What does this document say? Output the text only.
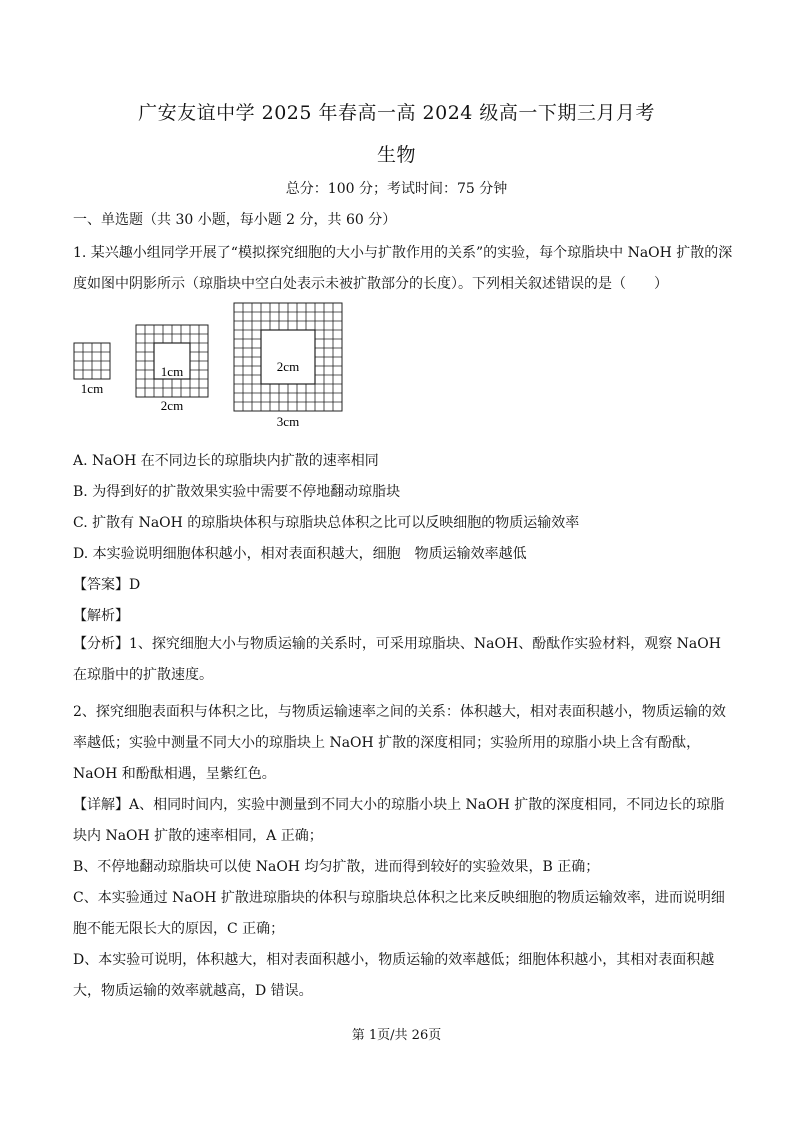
广安友谊中学 2025 年春高一高 2024 级高一下期三月月考
生物
总分：100 分；考试时间：75 分钟
一、单选题（共 30 小题，每小题 2 分，共 60 分）
1. 某兴趣小组同学开展了“模拟探究细胞的大小与扩散作用的关系”的实验，每个琼脂块中 NaOH 扩散的深
度如图中阴影所示（琼脂块中空白处表示未被扩散部分的长度）。下列相关叙述错误的是（　　）
1cm
1cm
2cm
2cm
3cm
A. NaOH 在不同边长的琼脂块内扩散的速率相同
B. 为得到好的扩散效果实验中需要不停地翻动琼脂块
C. 扩散有 NaOH 的琼脂块体积与琼脂块总体积之比可以反映细胞的物质运输效率
D. 本实验说明细胞体积越小，相对表面积越大，细胞　物质运输效率越低
【答案】D
【解析】
【分析】1、探究细胞大小与物质运输的关系时，可采用琼脂块、NaOH、酚酞作实验材料，观察 NaOH 在琼脂中的扩散速度。
2、探究细胞表面积与体积之比，与物质运输速率之间的关系：体积越大，相对表面积越小，物质运输的效率越低；实验中测量不同大小的琼脂块上 NaOH 扩散的深度相同；实验所用的琼脂小块上含有酚酞，NaOH 和酚酞相遇，呈紫红色。
【详解】A、相同时间内，实验中测量到不同大小的琼脂小块上 NaOH 扩散的深度相同，不同边长的琼脂块内 NaOH 扩散的速率相同，A 正确；
B、不停地翻动琼脂块可以使 NaOH 均匀扩散，进而得到较好的实验效果，B 正确；
C、本实验通过 NaOH 扩散进琼脂块的体积与琼脂块总体积之比来反映细胞的物质运输效率，进而说明细胞不能无限长大的原因，C 正确；
D、本实验可说明，体积越大，相对表面积越小，物质运输的效率越低；细胞体积越小，其相对表面积越大，物质运输的效率就越高，D 错误。
第 1页/共 26页
